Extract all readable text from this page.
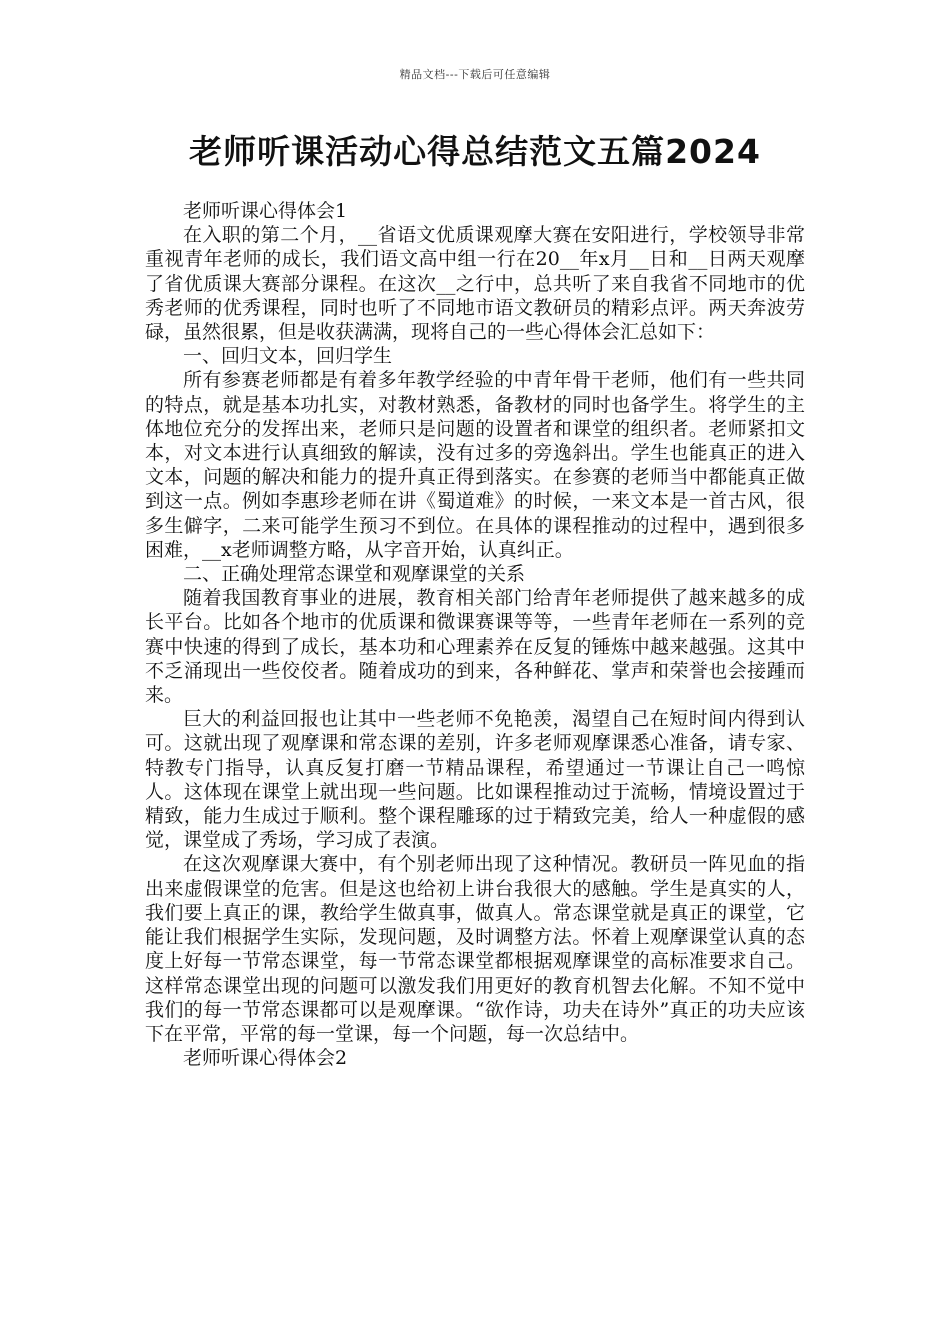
精品文档---下载后可任意编辑
老师听课活动心得总结范文五篇2024

老师听课心得体会1

在入职的第二个月，__省语文优质课观摩大赛在安阳进行，学校领导非常重视青年老师的成长，我们语文高中组一行在20__年x月__日和__日两天观摩了省优质课大赛部分课程。在这次__之行中，总共听了来自我省不同地市的优秀老师的优秀课程，同时也听了不同地市语文教研员的精彩点评。两天奔波劳碌，虽然很累，但是收获满满，现将自己的一些心得体会汇总如下：

一、回归文本，回归学生

所有参赛老师都是有着多年教学经验的中青年骨干老师，他们有一些共同的特点，就是基本功扎实，对教材熟悉，备教材的同时也备学生。将学生的主体地位充分的发挥出来，老师只是问题的设置者和课堂的组织者。老师紧扣文本，对文本进行认真细致的解读，没有过多的旁逸斜出。学生也能真正的进入文本，问题的解决和能力的提升真正得到落实。在参赛的老师当中都能真正做到这一点。例如李惠珍老师在讲《蜀道难》的时候，一来文本是一首古风，很多生僻字，二来可能学生预习不到位。在具体的课程推动的过程中，遇到很多困难，__x老师调整方略，从字音开始，认真纠正。

二、正确处理常态课堂和观摩课堂的关系

随着我国教育事业的进展，教育相关部门给青年老师提供了越来越多的成长平台。比如各个地市的优质课和微课赛课等等，一些青年老师在一系列的竞赛中快速的得到了成长，基本功和心理素养在反复的锤炼中越来越强。这其中不乏涌现出一些佼佼者。随着成功的到来，各种鲜花、掌声和荣誉也会接踵而来。

巨大的利益回报也让其中一些老师不免艳羡，渴望自己在短时间内得到认可。这就出现了观摩课和常态课的差别，许多老师观摩课悉心准备，请专家、特教专门指导，认真反复打磨一节精品课程，希望通过一节课让自己一鸣惊人。这体现在课堂上就出现一些问题。比如课程推动过于流畅，情境设置过于精致，能力生成过于顺利。整个课程雕琢的过于精致完美，给人一种虚假的感觉，课堂成了秀场，学习成了表演。

在这次观摩课大赛中，有个别老师出现了这种情况。教研员一阵见血的指出来虚假课堂的危害。但是这也给初上讲台我很大的感触。学生是真实的人，我们要上真正的课，教给学生做真事，做真人。常态课堂就是真正的课堂，它能让我们根据学生实际，发现问题，及时调整方法。怀着上观摩课堂认真的态度上好每一节常态课堂，每一节常态课堂都根据观摩课堂的高标准要求自己。这样常态课堂出现的问题可以激发我们用更好的教育机智去化解。不知不觉中我们的每一节常态课都可以是观摩课。“欲作诗，功夫在诗外”真正的功夫应该下在平常，平常的每一堂课，每一个问题，每一次总结中。

老师听课心得体会2
